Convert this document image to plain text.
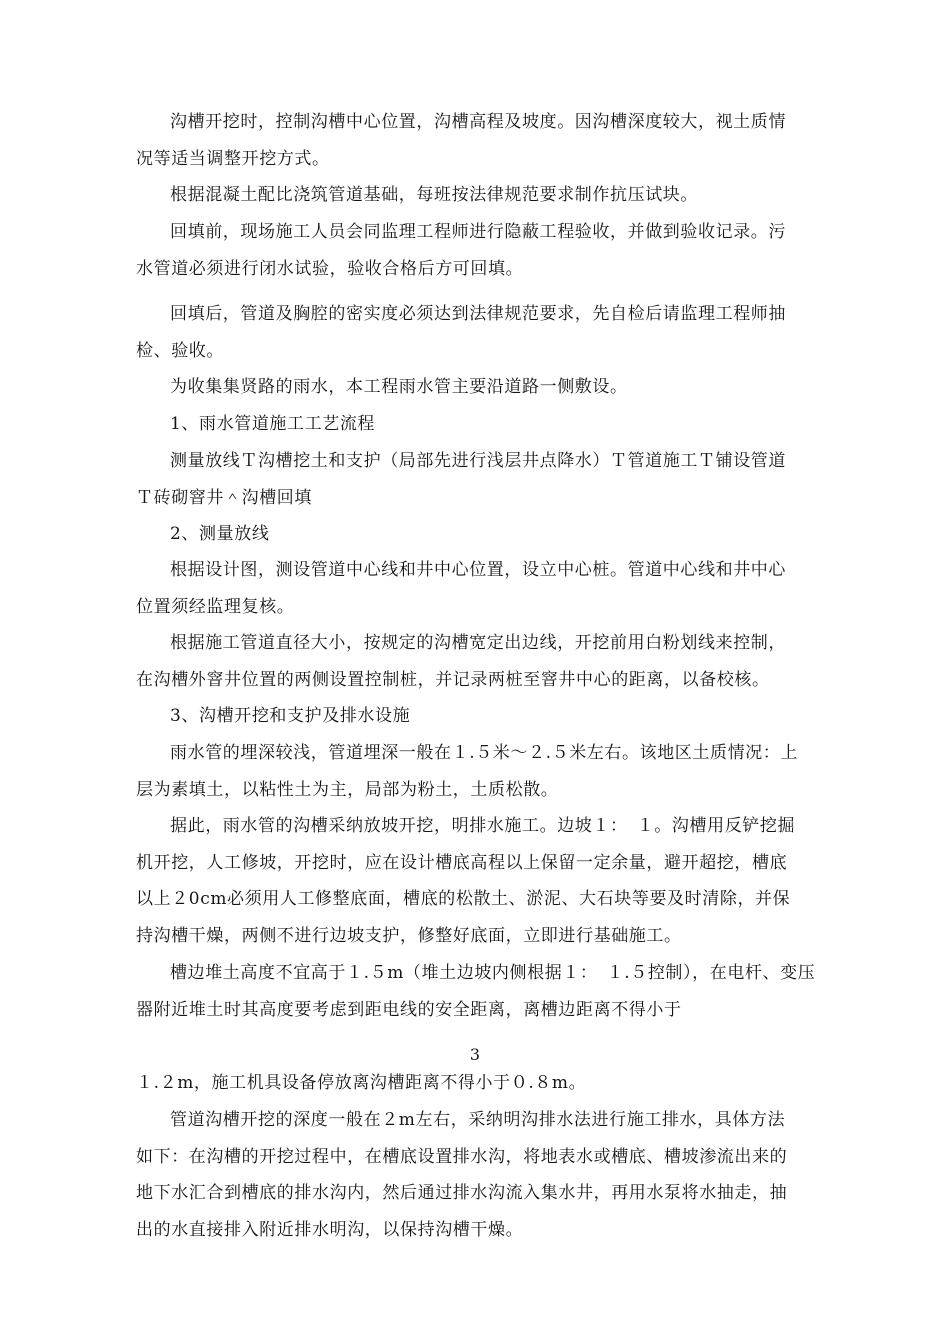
沟槽开挖时，控制沟槽中心位置，沟槽高程及坡度。因沟槽深度较大，视土质情
况等适当调整开挖方式。
根据混凝土配比浇筑管道基础，每班按法律规范要求制作抗压试块。
回填前，现场施工人员会同监理工程师进行隐蔽工程验收，并做到验收记录。污
水管道必须进行闭水试验，验收合格后方可回填。
回填后，管道及胸腔的密实度必须达到法律规范要求，先自检后请监理工程师抽
检、验收。
为收集集贤路的雨水，本工程雨水管主要沿道路一侧敷设。

1、雨水管道施工工艺流程

测量放线Ｔ沟槽挖土和支护（局部先进行浅层井点降水）Ｔ管道施工Ｔ铺设管道
Ｔ砖砌窨井＾沟槽回填

2、测量放线

根据设计图，测设管道中心线和井中心位置，设立中心桩。管道中心线和井中心
位置须经监理复核。
根据施工管道直径大小，按规定的沟槽宽定出边线，开挖前用白粉划线来控制，
在沟槽外窨井位置的两侧设置控制桩，并记录两桩至窨井中心的距离，以备校核。

3、沟槽开挖和支护及排水设施

雨水管的埋深较浅，管道埋深一般在１.５米〜２.５米左右。该地区土质情况：上
层为素填土，以粘性土为主，局部为粉土，土质松散。
据此，雨水管的沟槽采纳放坡开挖，明排水施工。边坡１：　１。沟槽用反铲挖掘
机开挖，人工修坡，开挖时，应在设计槽底高程以上保留一定余量，避开超挖，槽底
以上２0cm必须用人工修整底面，槽底的松散土、淤泥、大石块等要及时清除，并保
持沟槽干燥，两侧不进行边坡支护，修整好底面，立即进行基础施工。
槽边堆土高度不宜高于１.５m（堆土边坡内侧根据１：　１.５控制），在电杆、变压
器附近堆土时其高度要考虑到距电线的安全距离，离槽边距离不得小于
3
１.２m，施工机具设备停放离沟槽距离不得小于０.８m。
管道沟槽开挖的深度一般在２m左右，采纳明沟排水法进行施工排水，具体方法
如下：在沟槽的开挖过程中，在槽底设置排水沟，将地表水或槽底、槽坡渗流出来的
地下水汇合到槽底的排水沟内，然后通过排水沟流入集水井，再用水泵将水抽走，抽
出的水直接排入附近排水明沟，以保持沟槽干燥。
